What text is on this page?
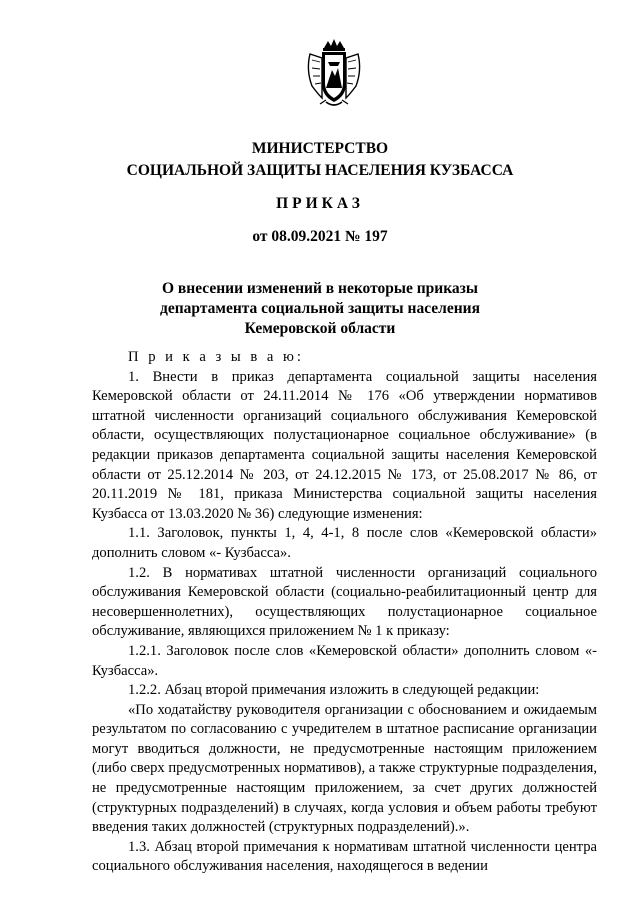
МИНИСТЕРСТВО
СОЦИАЛЬНОЙ ЗАЩИТЫ НАСЕЛЕНИЯ КУЗБАССА
ПРИКАЗ
от 08.09.2021 № 197
О внесении изменений в некоторые приказы
департамента социальной защиты населения
Кемеровской области

П р и к а з ы в а ю:

1. Внести в приказ департамента социальной защиты населения Кемеровской области от 24.11.2014 № 176 «Об утверждении нормативов штатной численности организаций социального обслуживания Кемеровской области, осуществляющих полустационарное социальное обслуживание» (в редакции приказов департамента социальной защиты населения Кемеровской области от 25.12.2014 № 203, от 24.12.2015 № 173, от 25.08.2017 № 86, от 20.11.2019 № 181, приказа Министерства социальной защиты населения Кузбасса от 13.03.2020 № 36) следующие изменения:

1.1. Заголовок, пункты 1, 4, 4-1, 8 после слов «Кемеровской области» дополнить словом «- Кузбасса».

1.2. В нормативах штатной численности организаций социального обслуживания Кемеровской области (социально-реабилитационный центр для несовершеннолетних), осуществляющих полустационарное социальное обслуживание, являющихся приложением № 1 к приказу:

1.2.1. Заголовок после слов «Кемеровской области» дополнить словом «- Кузбасса».

1.2.2. Абзац второй примечания изложить в следующей редакции:

«По ходатайству руководителя организации с обоснованием и ожидаемым результатом по согласованию с учредителем в штатное расписание организации могут вводиться должности, не предусмотренные настоящим приложением (либо сверх предусмотренных нормативов), а также структурные подразделения, не предусмотренные настоящим приложением, за счет других должностей (структурных подразделений) в случаях, когда условия и объем работы требуют введения таких должностей (структурных подразделений).».

1.3. Абзац второй примечания к нормативам штатной численности центра социального обслуживания населения, находящегося в ведении
